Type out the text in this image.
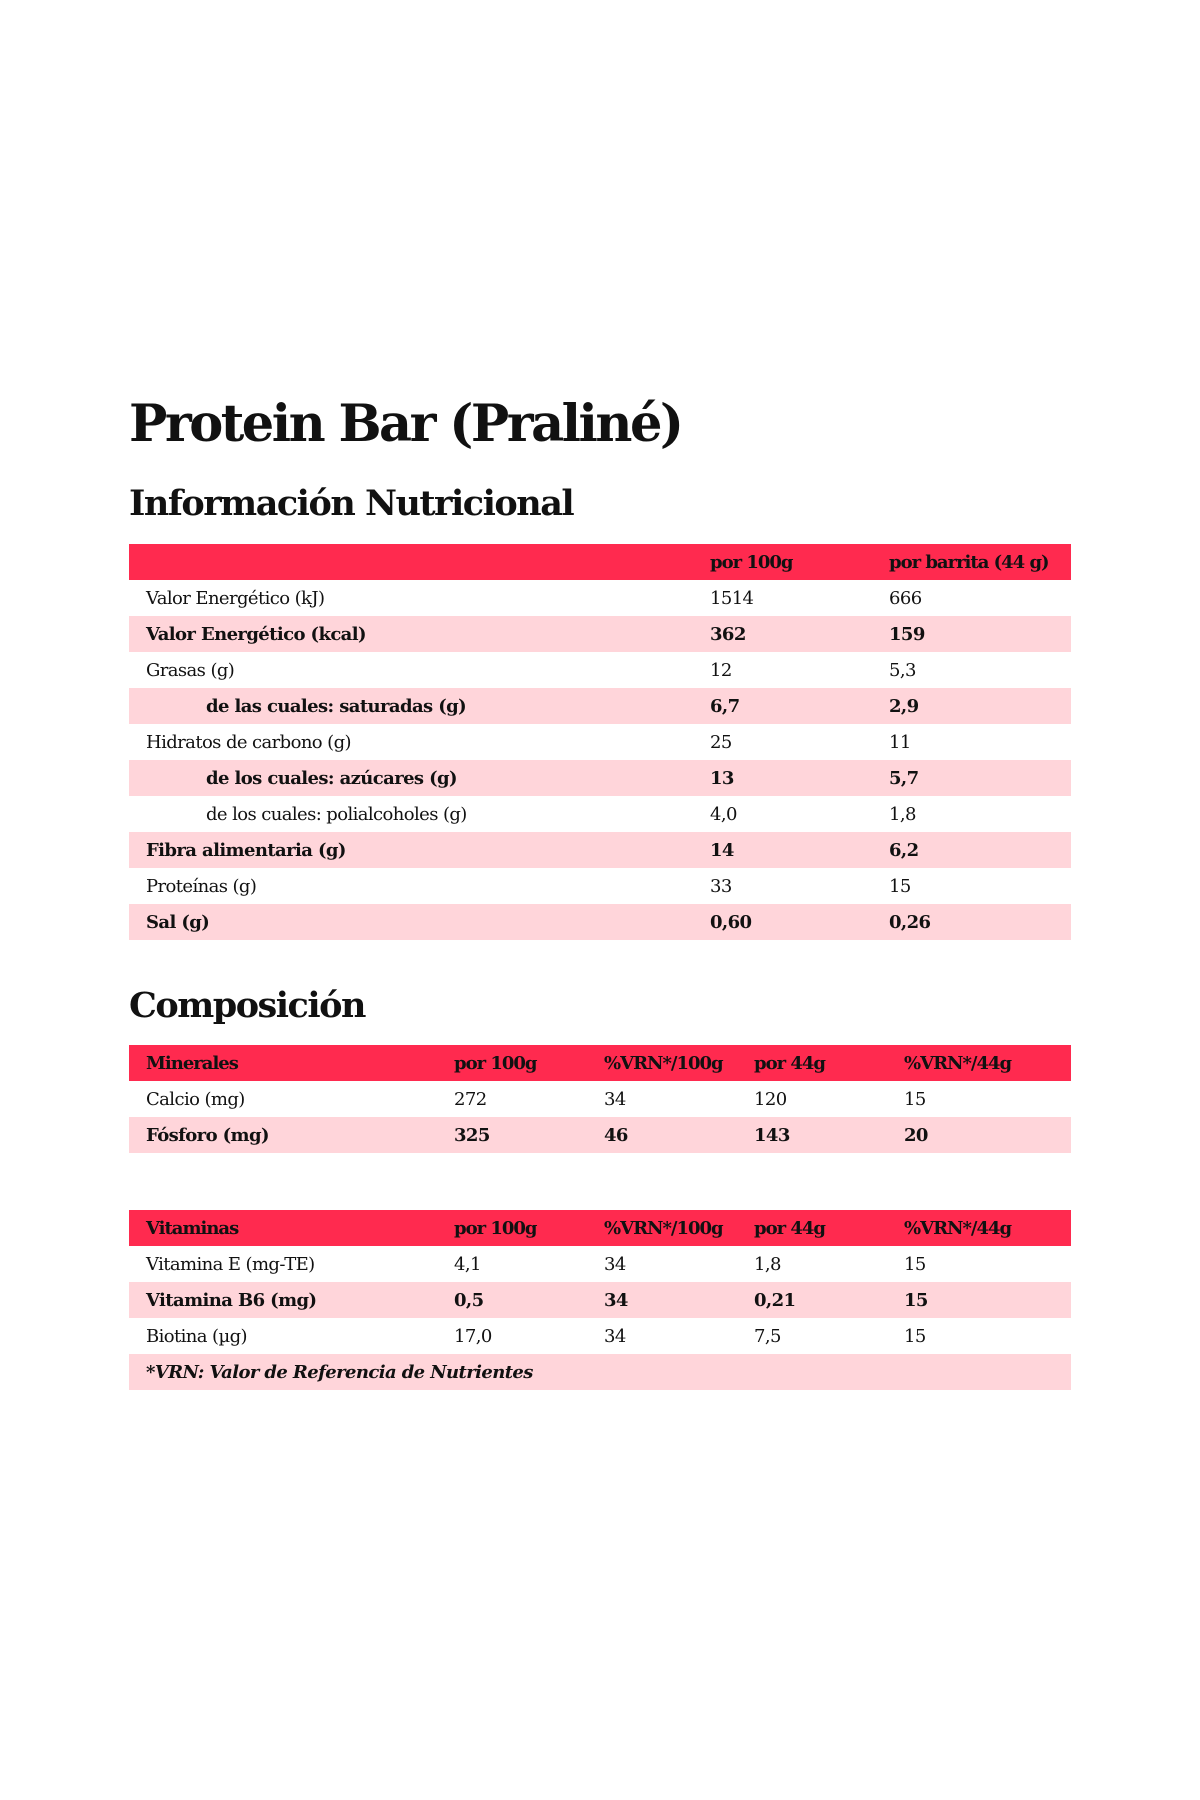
Protein Bar (Praliné)
Información Nutricional
	por 100g	por barrita (44 g)
Valor Energético (kJ)	1514	666
Valor Energético (kcal)	362	159
Grasas (g)	12	5,3
de las cuales: saturadas (g)	6,7	2,9
Hidratos de carbono (g)	25	11
de los cuales: azúcares (g)	13	5,7
de los cuales: polialcoholes (g)	4,0	1,8
Fibra alimentaria (g)	14	6,2
Proteínas (g)	33	15
Sal (g)	0,60	0,26
Composición
Minerales	por 100g	%VRN*/100g	por 44g	%VRN*/44g
Calcio (mg)	272	34	120	15
Fósforo (mg)	325	46	143	20
Vitaminas	por 100g	%VRN*/100g	por 44g	%VRN*/44g
Vitamina E (mg-TE)	4,1	34	1,8	15
Vitamina B6 (mg)	0,5	34	0,21	15
Biotina (µg)	17,0	34	7,5	15
*VRN: Valor de Referencia de Nutrientes				
